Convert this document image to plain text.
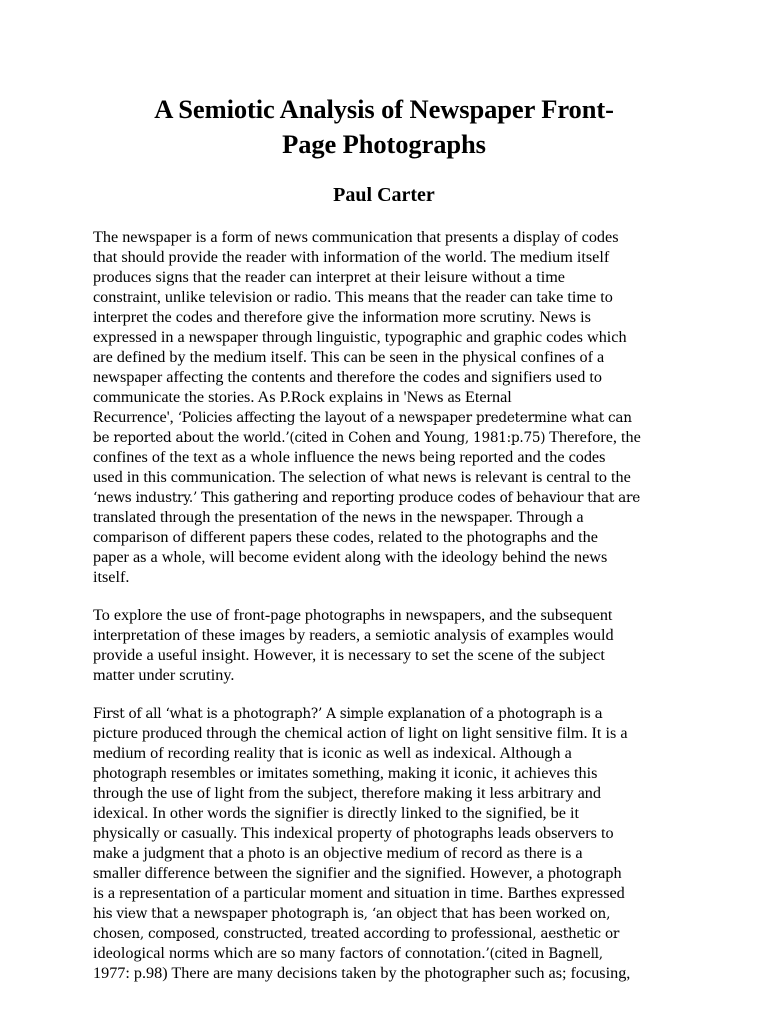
A Semiotic Analysis of Newspaper Front-
Page Photographs
Paul Carter
The newspaper is a form of news communication that presents a display of codes
that should provide the reader with information of the world. The medium itself
produces signs that the reader can interpret at their leisure without a time
constraint, unlike television or radio. This means that the reader can take time to
interpret the codes and therefore give the information more scrutiny. News is
expressed in a newspaper through linguistic, typographic and graphic codes which
are defined by the medium itself. This can be seen in the physical confines of a
newspaper affecting the contents and therefore the codes and signifiers used to
communicate the stories. As P.Rock explains in 'News as Eternal
Recurrence', ‘Policies affecting the layout of a newspaper predetermine what can
be reported about the world.’(cited in Cohen and Young, 1981:p.75) Therefore, the
confines of the text as a whole influence the news being reported and the codes
used in this communication. The selection of what news is relevant is central to the
‘news industry.’ This gathering and reporting produce codes of behaviour that are
translated through the presentation of the news in the newspaper. Through a
comparison of different papers these codes, related to the photographs and the
paper as a whole, will become evident along with the ideology behind the news
itself.
To explore the use of front-page photographs in newspapers, and the subsequent
interpretation of these images by readers, a semiotic analysis of examples would
provide a useful insight. However, it is necessary to set the scene of the subject
matter under scrutiny.
First of all ‘what is a photograph?’ A simple explanation of a photograph is a
picture produced through the chemical action of light on light sensitive film. It is a
medium of recording reality that is iconic as well as indexical. Although a
photograph resembles or imitates something, making it iconic, it achieves this
through the use of light from the subject, therefore making it less arbitrary and
idexical. In other words the signifier is directly linked to the signified, be it
physically or casually. This indexical property of photographs leads observers to
make a judgment that a photo is an objective medium of record as there is a
smaller difference between the signifier and the signified. However, a photograph
is a representation of a particular moment and situation in time. Barthes expressed
his view that a newspaper photograph is, ‘an object that has been worked on,
chosen, composed, constructed, treated according to professional, aesthetic or
ideological norms which are so many factors of connotation.’(cited in Bagnell,
1977: p.98) There are many decisions taken by the photographer such as; focusing,
